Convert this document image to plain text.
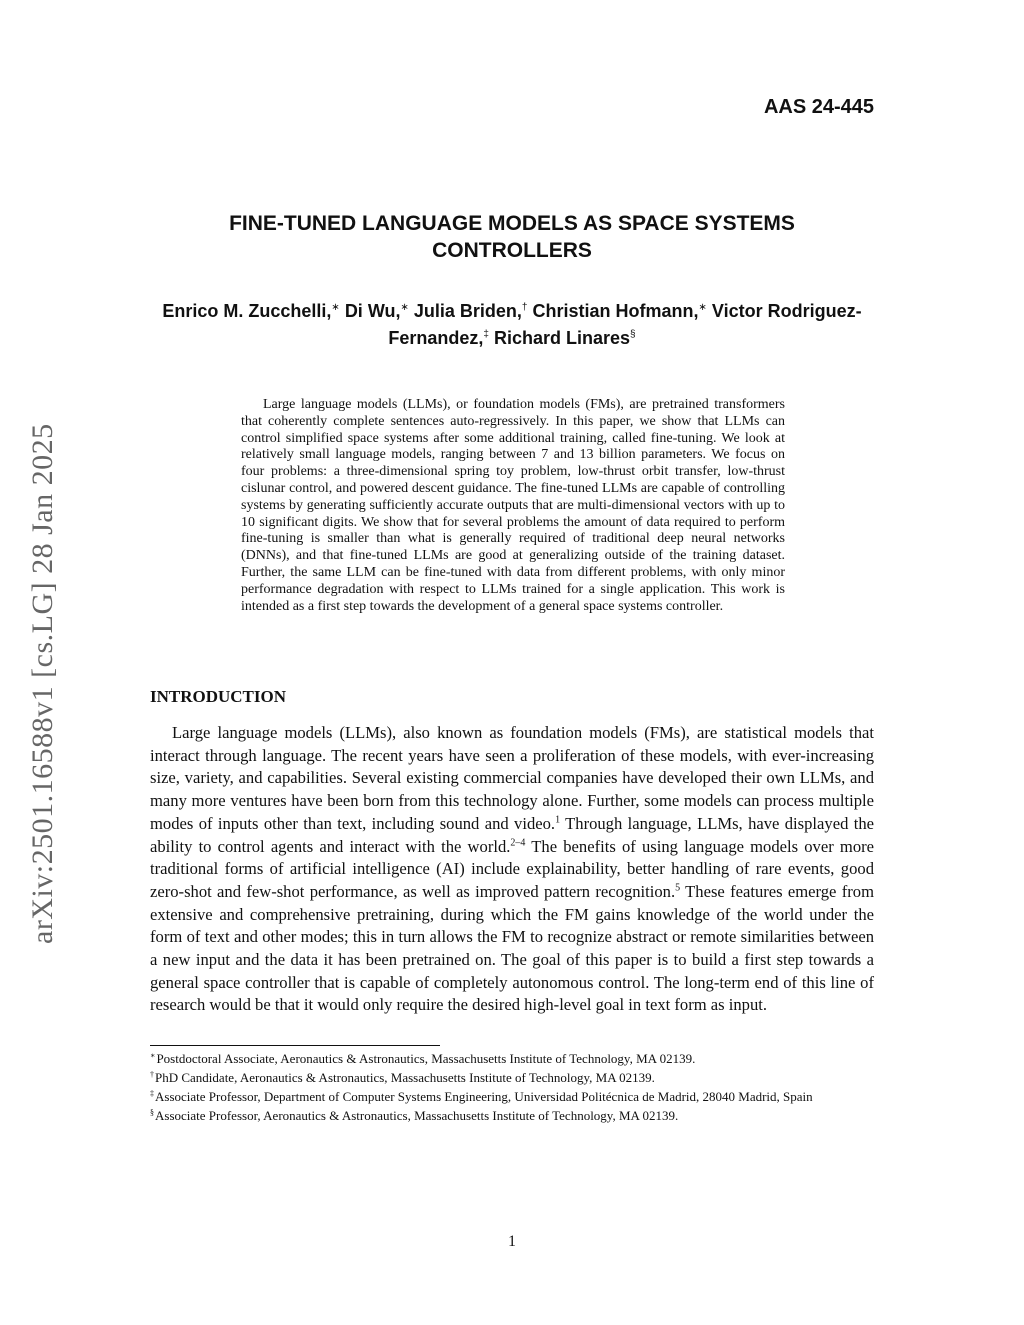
AAS 24-445
FINE-TUNED LANGUAGE MODELS AS SPACE SYSTEMS CONTROLLERS
Enrico M. Zucchelli,∗ Di Wu,∗ Julia Briden,† Christian Hofmann,∗ Victor Rodriguez-Fernandez,‡ Richard Linares§
arXiv:2501.16588v1 [cs.LG] 28 Jan 2025

Large language models (LLMs), or foundation models (FMs), are pretrained transformers that coherently complete sentences auto-regressively. In this paper, we show that LLMs can control simplified space systems after some additional training, called fine-tuning. We look at relatively small language models, ranging between 7 and 13 billion parameters. We focus on four problems: a three-dimensional spring toy problem, low-thrust orbit transfer, low-thrust cislunar control, and powered descent guidance. The fine-tuned LLMs are capable of controlling systems by generating sufficiently accurate outputs that are multi-dimensional vectors with up to 10 significant digits. We show that for several problems the amount of data required to perform fine-tuning is smaller than what is generally required of traditional deep neural networks (DNNs), and that fine-tuned LLMs are good at generalizing outside of the training dataset. Further, the same LLM can be fine-tuned with data from different problems, with only minor performance degradation with respect to LLMs trained for a single application. This work is intended as a first step towards the development of a general space systems controller.

INTRODUCTION

Large language models (LLMs), also known as foundation models (FMs), are statistical models that interact through language. The recent years have seen a proliferation of these models, with ever-increasing size, variety, and capabilities. Several existing commercial companies have developed their own LLMs, and many more ventures have been born from this technology alone. Further, some models can process multiple modes of inputs other than text, including sound and video.$^1$ Through language, LLMs, have displayed the ability to control agents and interact with the world.$^{2-4}$ The benefits of using language models over more traditional forms of artificial intelligence (AI) include explainability, better handling of rare events, good zero-shot and few-shot performance, as well as improved pattern recognition.$^5$ These features emerge from extensive and comprehensive pretraining, during which the FM gains knowledge of the world under the form of text and other modes; this in turn allows the FM to recognize abstract or remote similarities between a new input and the data it has been pretrained on. The goal of this paper is to build a first step towards a general space controller that is capable of completely autonomous control. The long-term end of this line of research would be that it would only require the desired high-level goal in text form as input.

∗Postdoctoral Associate, Aeronautics & Astronautics, Massachusetts Institute of Technology, MA 02139.

†PhD Candidate, Aeronautics & Astronautics, Massachusetts Institute of Technology, MA 02139.

‡Associate Professor, Department of Computer Systems Engineering, Universidad Politécnica de Madrid, 28040 Madrid, Spain

§Associate Professor, Aeronautics & Astronautics, Massachusetts Institute of Technology, MA 02139.

1
